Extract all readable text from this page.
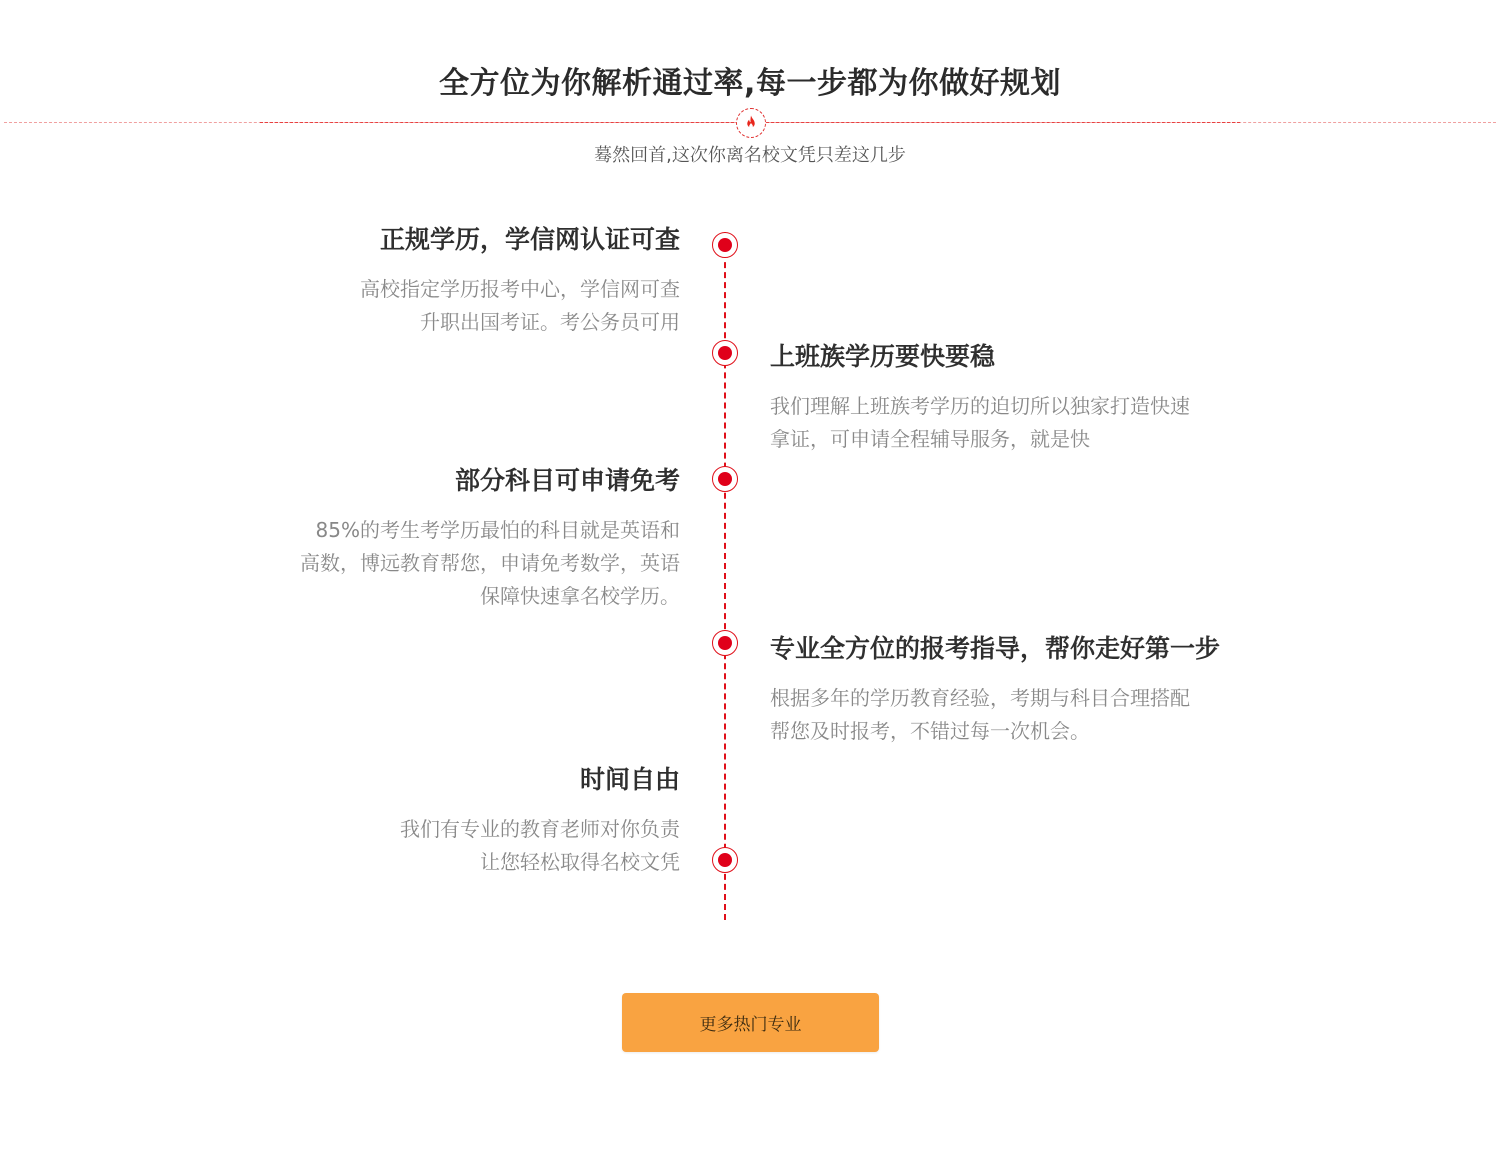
全方位为你解析通过率,每一步都为你做好规划

蓦然回首,这次你离名校文凭只差这几步

正规学历，学信网认证可查

高校指定学历报考中心，学信网可查

升职出国考证。考公务员可用

上班族学历要快要稳

我们理解上班族考学历的迫切所以独家打造快速

拿证，可申请全程辅导服务，就是快

部分科目可申请免考

85%的考生考学历最怕的科目就是英语和

高数，博远教育帮您，申请免考数学，英语

保障快速拿名校学历。

专业全方位的报考指导，帮你走好第一步

根据多年的学历教育经验，考期与科目合理搭配

帮您及时报考，不错过每一次机会。

时间自由

我们有专业的教育老师对你负责

让您轻松取得名校文凭

更多热门专业
